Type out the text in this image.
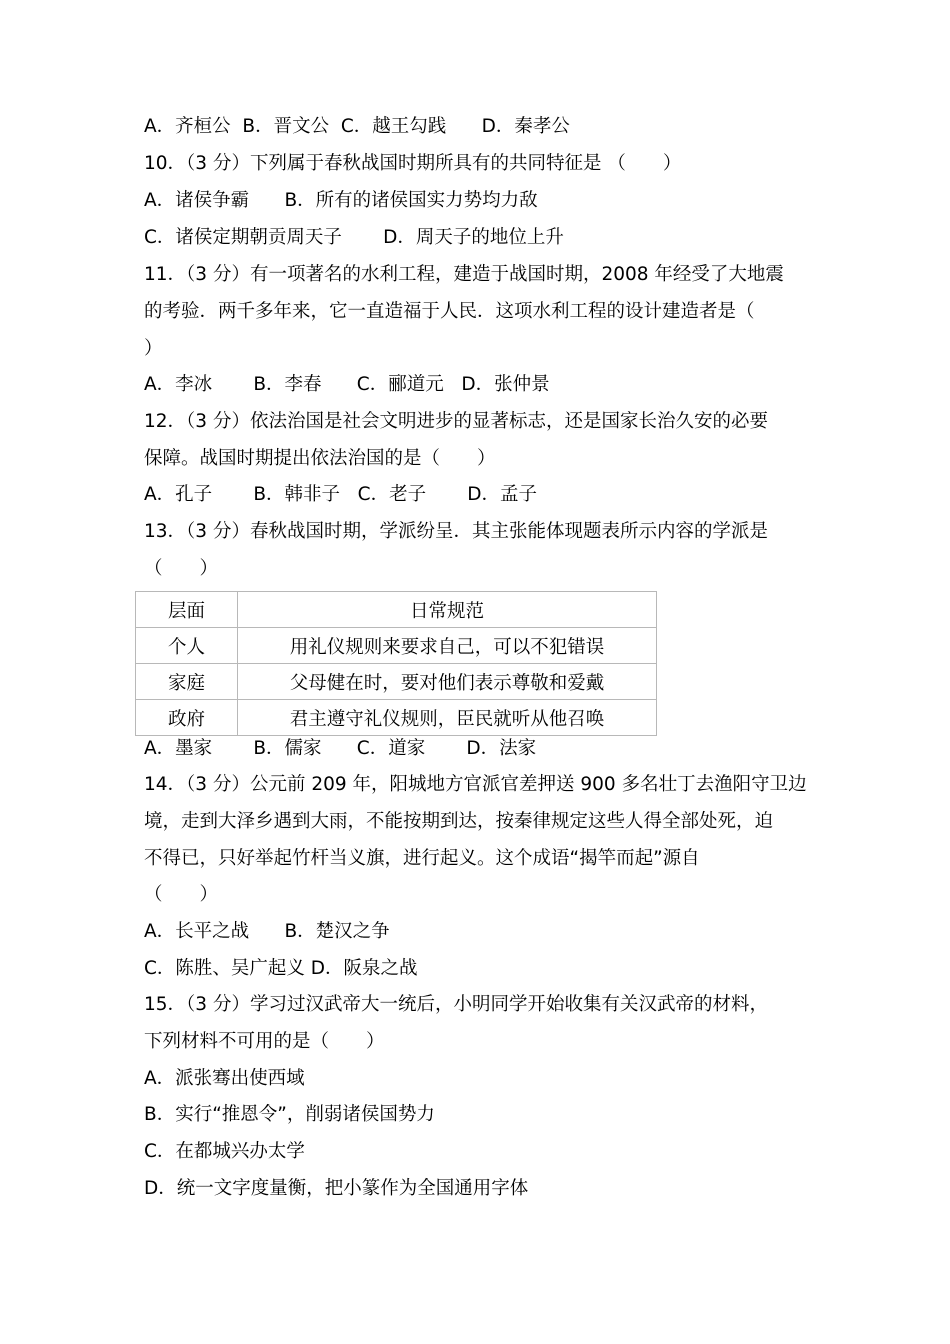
A．齐桓公  B．晋文公  C．越王勾践      D．秦孝公
10．（3 分）下列属于春秋战国时期所具有的共同特征是 （　　）
A．诸侯争霸      B．所有的诸侯国实力势均力敌
C．诸侯定期朝贡周天子       D．周天子的地位上升
11．（3 分）有一项著名的水利工程，建造于战国时期，2008 年经受了大地震
的考验．两千多年来，它一直造福于人民．这项水利工程的设计建造者是（
）
A．李冰       B．李春      C．郦道元   D．张仲景
12．（3 分）依法治国是社会文明进步的显著标志，还是国家长治久安的必要
保障。战国时期提出依法治国的是（　　）
A．孔子       B．韩非子   C．老子       D．孟子
13．（3 分）春秋战国时期，学派纷呈．其主张能体现题表所示内容的学派是
（　　）
层面	日常规范
个人	用礼仪规则来要求自己，可以不犯错误
家庭	父母健在时，要对他们表示尊敬和爱戴
政府	君主遵守礼仪规则，臣民就听从他召唤
A．墨家       B．儒家      C．道家       D．法家
14．（3 分）公元前 209 年，阳城地方官派官差押送 900 多名壮丁去渔阳守卫边
境，走到大泽乡遇到大雨，不能按期到达，按秦律规定这些人得全部处死，迫
不得已，只好举起竹杆当义旗，进行起义。这个成语“揭竿而起”源自
（　　）
A．长平之战      B．楚汉之争
C．陈胜、吴广起义 D．阪泉之战
15．（3 分）学习过汉武帝大一统后，小明同学开始收集有关汉武帝的材料，
下列材料不可用的是（　　）
A．派张骞出使西域
B．实行“推恩令”，削弱诸侯国势力
C．在都城兴办太学
D．统一文字度量衡，把小篆作为全国通用字体
